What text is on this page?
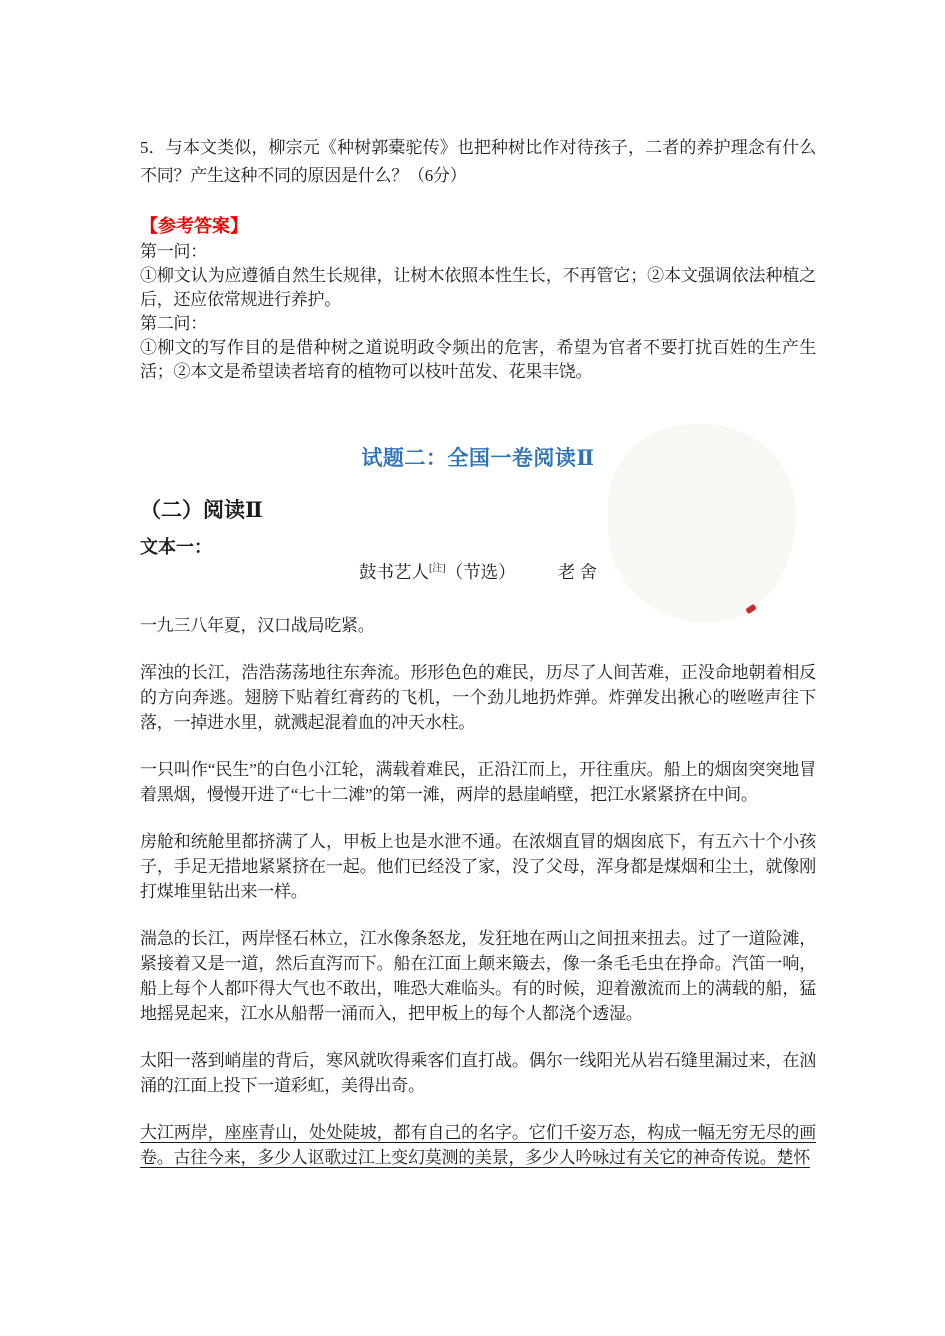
5．与本文类似，柳宗元《种树郭橐驼传》也把种树比作对待孩子，二者的养护理念有什么不同？产生这种不同的原因是什么？（6分）

【参考答案】

第一问：

①柳文认为应遵循自然生长规律，让树木依照本性生长，不再管它；②本文强调依法种植之后，还应依常规进行养护。

第二问：

①柳文的写作目的是借种树之道说明政令频出的危害，希望为官者不要打扰百姓的生产生活；②本文是希望读者培育的植物可以枝叶茁发、花果丰饶。

试题二：全国一卷阅读Ⅱ
（二）阅读Ⅱ

文本一：

鼓书艺人[注]（节选） 老 舍

一九三八年夏，汉口战局吃紧。

浑浊的长江，浩浩荡荡地往东奔流。形形色色的难民，历尽了人间苦难，正没命地朝着相反的方向奔逃。翅膀下贴着红膏药的飞机，一个劲儿地扔炸弹。炸弹发出揪心的咝咝声往下落，一掉进水里，就溅起混着血的冲天水柱。

一只叫作“民生”的白色小江轮，满载着难民，正沿江而上，开往重庆。船上的烟囱突突地冒着黑烟，慢慢开进了“七十二滩”的第一滩，两岸的悬崖峭壁，把江水紧紧挤在中间。

房舱和统舱里都挤满了人，甲板上也是水泄不通。在浓烟直冒的烟囱底下，有五六十个小孩子，手足无措地紧紧挤在一起。他们已经没了家，没了父母，浑身都是煤烟和尘土，就像刚打煤堆里钻出来一样。

湍急的长江，两岸怪石林立，江水像条怒龙，发狂地在两山之间扭来扭去。过了一道险滩，紧接着又是一道，然后直泻而下。船在江面上颠来簸去，像一条毛毛虫在挣命。汽笛一响，船上每个人都吓得大气也不敢出，唯恐大难临头。有的时候，迎着激流而上的满载的船，猛地摇晃起来，江水从船帮一涌而入，把甲板上的每个人都浇个透湿。

太阳一落到峭崖的背后，寒风就吹得乘客们直打战。偶尔一线阳光从岩石缝里漏过来，在汹涌的江面上投下一道彩虹，美得出奇。

大江两岸，座座青山，处处陡坡，都有自己的名字。它们千姿万态，构成一幅无穷无尽的画卷。古往今来，多少人讴歌过江上变幻莫测的美景，多少人吟咏过有关它的神奇传说。楚怀
